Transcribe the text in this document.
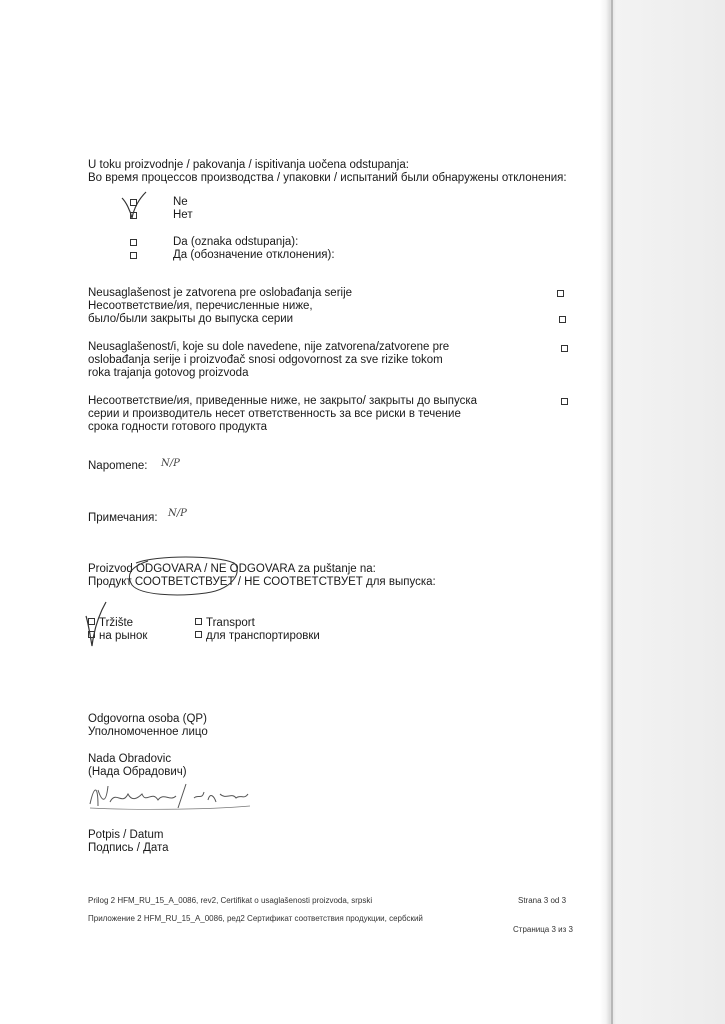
U toku proizvodnje / pakovanja / ispitivanja uočena odstupanja:
Во время процессов производства / упаковки / испытаний были обнаружены отклонения:
Ne
Нет
Da (oznaka odstupanja):
Да (обозначение отклонения):
Neusaglašenost je zatvorena pre oslobađanja serije
Несоответствие/ия, перечисленные ниже,
было/были закрыты до выпуска серии
Neusaglašenost/i, koje su dole navedene, nije zatvorena/zatvorene pre
oslobađanja serije i proizvođač snosi odgovornost za sve rizike tokom
roka trajanja gotovog proizvoda
Несоответствие/ия, приведенные ниже, не закрыто/ закрыты до выпуска
серии и производитель несет ответственность за все риски в течение
срока годности готового продукта
Napomene: N/P
Примечания: N/P
Proizvod ODGOVARA / NE ODGOVARA za puštanje na:
Продукт СООТВЕТСТВУЕТ / НЕ СООТВЕТСТВУЕТ для выпуска:
Tržište
на рынок
Transport
для транспортировки
Odgovorna osoba (QP)
Уполномоченное лицо
Nada Obradovic
(Нада Обрадович)
Potpis / Datum
Подпись / Дата
Prilog 2 HFM_RU_15_A_0086, rev2, Certifikat o usaglašenosti proizvoda, srpski	Strana 3 od 3
Приложение 2 HFM_RU_15_A_0086, ред2 Сертификат соответствия продукции, сербский
Страница 3 из 3
